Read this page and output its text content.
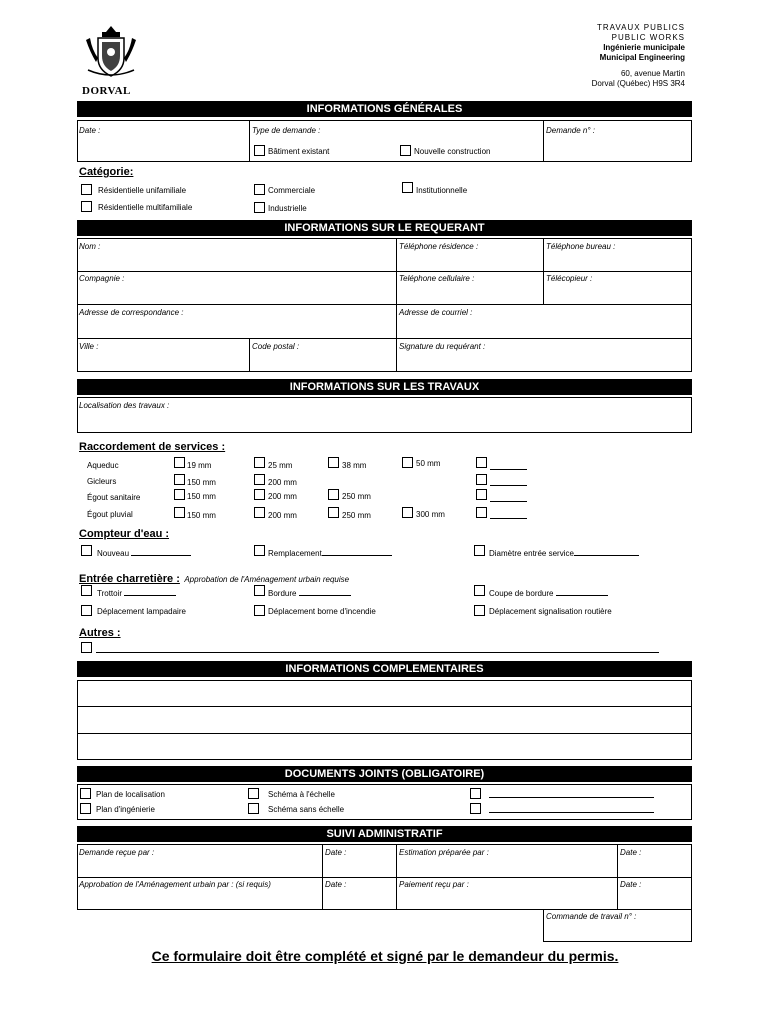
DORVAL
TRAVAUX PUBLICS
PUBLIC WORKS
Ingénierie municipale
Municipal Engineering
60, avenue Martin
Dorval (Québec) H9S 3R4
INFORMATIONS GÉNÉRALES
Date :	Type de demande :	Demande n° :
Bâtiment existant	Nouvelle construction
Catégorie:
Résidentielle unifamiliale	Commerciale	Institutionnelle
Résidentielle multifamiliale	Industrielle
INFORMATIONS SUR LE REQUERANT
Nom :	Téléphone résidence :	Téléphone bureau :
Compagnie :	Teléphone cellulaire :	Télécopieur :
Adresse de correspondance :	Adresse de courriel :
Ville :	Code postal :	Signature du requérant :
INFORMATIONS SUR LES TRAVAUX
Localisation des travaux :
Raccordement de services :
Aqueduc	19 mm	25 mm	38 mm	50 mm
Gicleurs	150 mm	200 mm
Égout sanitaire	150 mm	200 mm	250 mm
Égout pluvial	150 mm	200 mm	250 mm	300 mm
Compteur d'eau :
Nouveau	Remplacement	Diamètre entrée service
Entrée charretière : Approbation de l'Aménagement urbain requise
Trottoir	Bordure	Coupe de bordure
Déplacement lampadaire	Déplacement borne d'incendie	Déplacement signalisation routière
Autres :
INFORMATIONS COMPLEMENTAIRES
DOCUMENTS JOINTS (OBLIGATOIRE)
Plan de localisation	Schéma à l'échelle
Plan d'ingénierie	Schéma sans échelle
SUIVI ADMINISTRATIF
Demande reçue par :	Date :	Estimation préparée par :	Date :
Approbation de l'Aménagement urbain par : (si requis)	Date :	Paiement reçu par :	Date :
Commande de travail n° :
Ce formulaire doit être complété et signé par le demandeur du permis.
